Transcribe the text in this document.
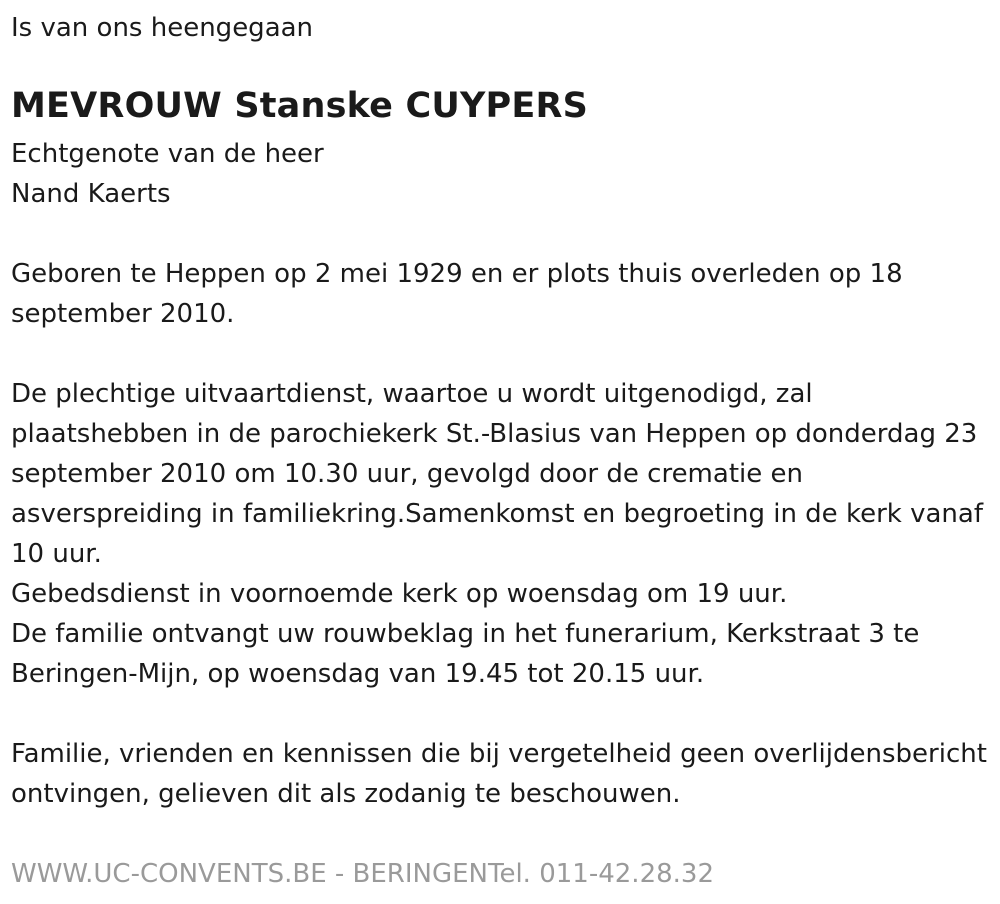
Is van ons heengegaan
MEVROUW Stanske CUYPERS

Echtgenote van de heer

Nand Kaerts

Geboren te Heppen op 2 mei 1929 en er plots thuis overleden op 18 september 2010.

De plechtige uitvaartdienst, waartoe u wordt uitgenodigd, zal plaatshebben in de parochiekerk St.-Blasius van Heppen op donderdag 23 september 2010 om 10.30 uur, gevolgd door de crematie en asverspreiding in familiekring.Samenkomst en begroeting in de kerk vanaf 10 uur.

Gebedsdienst in voornoemde kerk op woensdag om 19 uur.

De familie ontvangt uw rouwbeklag in het funerarium, Kerkstraat 3 te Beringen-Mijn, op woensdag van 19.45 tot 20.15 uur.

Familie, vrienden en kennissen die bij vergetelheid geen overlijdensbericht ontvingen, gelieven dit als zodanig te beschouwen.

WWW.UC-CONVENTS.BE - BERINGENTel. 011-42.28.32
